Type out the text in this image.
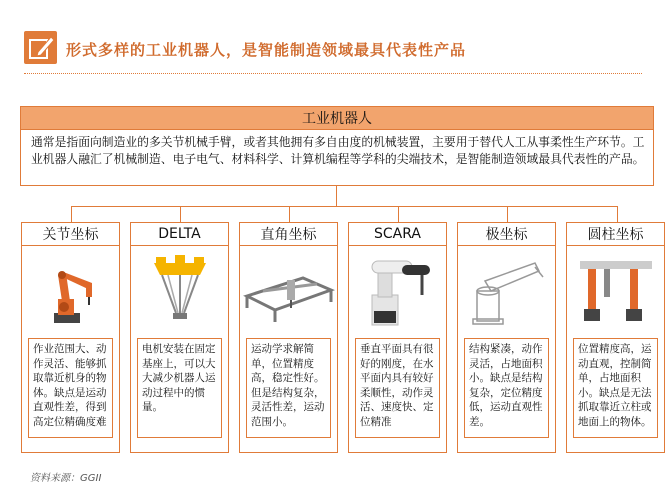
形式多样的工业机器人，是智能制造领域最具代表性产品
工业机器人
通常是指面向制造业的多关节机械手臂，或者其他拥有多自由度的机械装置，主要用于替代人工从事柔性生产环节。工业机器人融汇了机械制造、电子电气、材料科学、计算机编程等学科的尖端技术，是智能制造领域最具代表性的产品。
关节坐标
作业范围大、动作灵活、能够抓取靠近机身的物体。缺点是运动直观性差，得到高定位精确度难
DELTA
电机安装在固定基座上，可以大大减少机器人运动过程中的惯量。
直角坐标
运动学求解简单，位置精度高，稳定性好。但是结构复杂，灵活性差，运动范围小。
SCARA
垂直平面具有很好的刚度，在水平面内具有较好柔顺性，动作灵活、速度快、定位精准
极坐标
结构紧凑，动作灵活，占地面积小。缺点是结构复杂，定位精度低，运动直观性差。
圆柱坐标
位置精度高，运动直观，控制简单，占地面积小。缺点是无法抓取靠近立柱或地面上的物体。
资料来源：GGII
